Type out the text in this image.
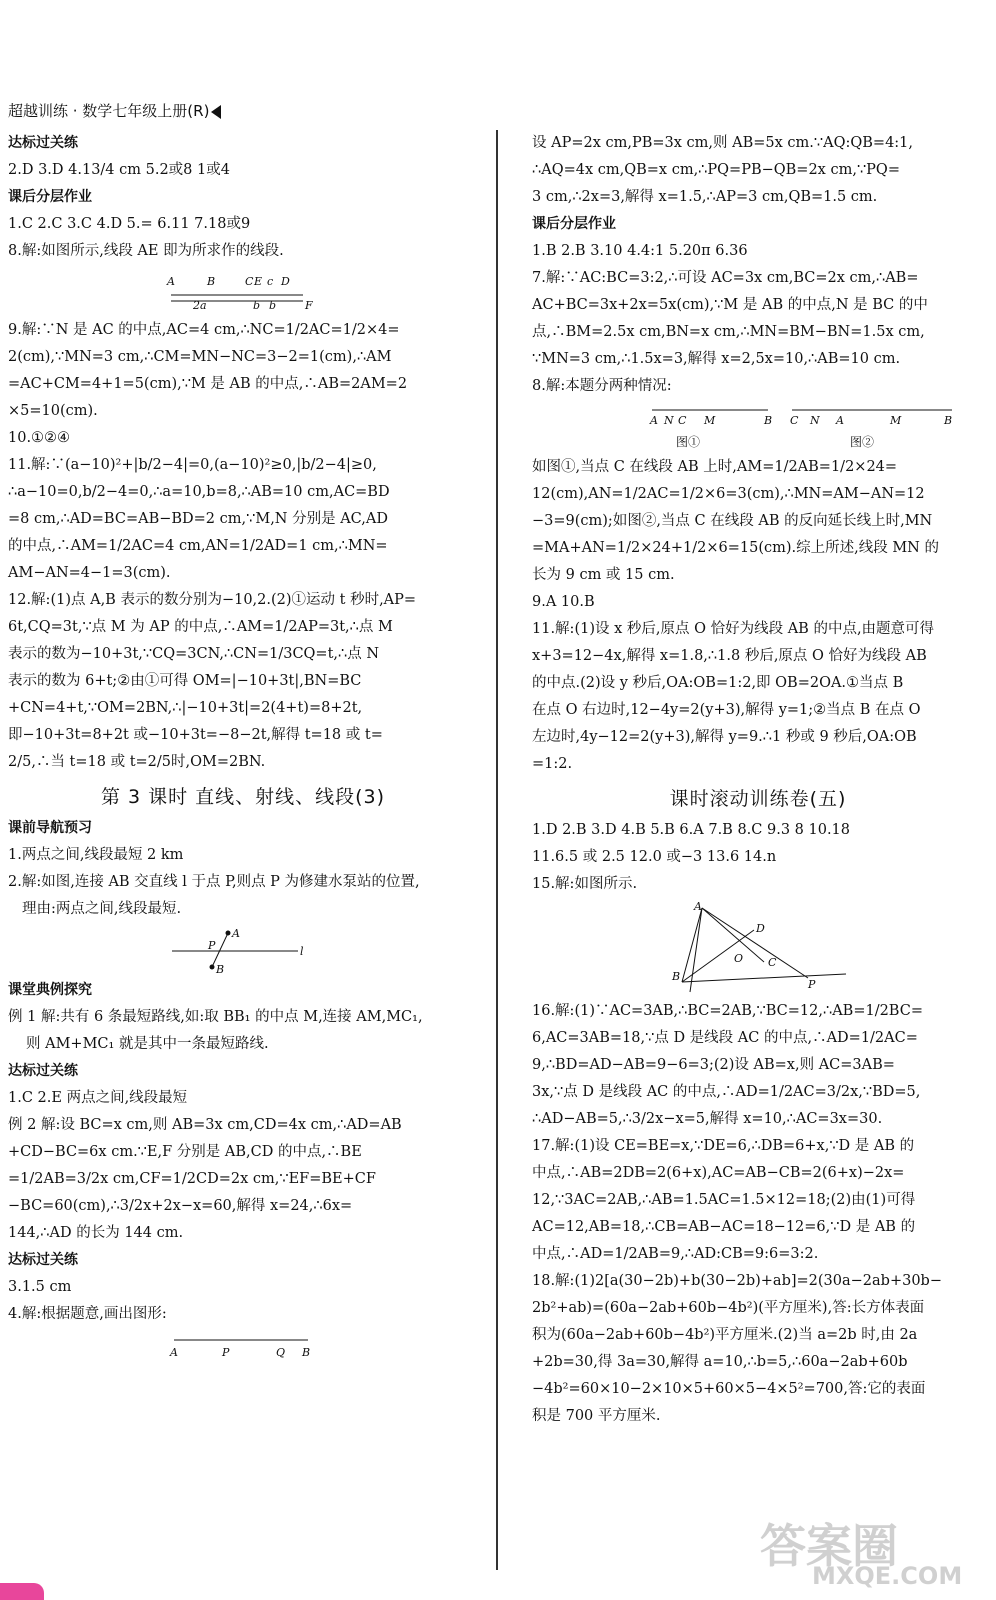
超越训练 · 数学七年级上册(R)
达标过关练
2.D 3.D 4.13/4 cm 5.2或8 1或4
课后分层作业
1.C 2.C 3.C 4.D 5.= 6.11 7.18或9
8.解:如图所示,线段 AE 即为所求作的线段.
A	B	C E c D
2a	b b	F
9.解:∵N 是 AC 的中点,AC=4 cm,∴NC=1/2AC=1/2×4=
2(cm),∵MN=3 cm,∴CM=MN−NC=3−2=1(cm),∴AM
=AC+CM=4+1=5(cm),∵M 是 AB 的中点,∴AB=2AM=2
×5=10(cm).
10.①②④
11.解:∵(a−10)²+|b/2−4|=0,(a−10)²≥0,|b/2−4|≥0,
∴a−10=0,b/2−4=0,∴a=10,b=8,∴AB=10 cm,AC=BD
=8 cm,∴AD=BC=AB−BD=2 cm,∵M,N 分别是 AC,AD
的中点,∴AM=1/2AC=4 cm,AN=1/2AD=1 cm,∴MN=
AM−AN=4−1=3(cm).
12.解:(1)点 A,B 表示的数分别为−10,2.(2)①运动 t 秒时,AP=
6t,CQ=3t,∵点 M 为 AP 的中点,∴AM=1/2AP=3t,∴点 M
表示的数为−10+3t,∵CQ=3CN,∴CN=1/3CQ=t,∴点 N
表示的数为 6+t;②由①可得 OM=|−10+3t|,BN=BC
+CN=4+t,∵OM=2BN,∴|−10+3t|=2(4+t)=8+2t,
即−10+3t=8+2t 或−10+3t=−8−2t,解得 t=18 或 t=
2/5,∴当 t=18 或 t=2/5时,OM=2BN.
第 3 课时 直线、射线、线段(3)
课前导航预习
1.两点之间,线段最短 2 km
2.解:如图,连接 AB 交直线 l 于点 P,则点 P 为修建水泵站的位置,
理由:两点之间,线段最短.
A
P
B
l
课堂典例探究
例 1 解:共有 6 条最短路线,如:取 BB₁ 的中点 M,连接 AM,MC₁,
则 AM+MC₁ 就是其中一条最短路线.
达标过关练
1.C 2.E 两点之间,线段最短
例 2 解:设 BC=x cm,则 AB=3x cm,CD=4x cm,∴AD=AB
+CD−BC=6x cm.∵E,F 分别是 AB,CD 的中点,∴BE
=1/2AB=3/2x cm,CF=1/2CD=2x cm,∵EF=BE+CF
−BC=60(cm),∴3/2x+2x−x=60,解得 x=24,∴6x=
144,∴AD 的长为 144 cm.
达标过关练
3.1.5 cm
4.解:根据题意,画出图形:
A	P	Q B
设 AP=2x cm,PB=3x cm,则 AB=5x cm.∵AQ:QB=4:1,
∴AQ=4x cm,QB=x cm,∴PQ=PB−QB=2x cm,∵PQ=
3 cm,∴2x=3,解得 x=1.5,∴AP=3 cm,QB=1.5 cm.
课后分层作业
1.B 2.B 3.10 4.4:1 5.20π 6.36
7.解:∵AC:BC=3:2,∴可设 AC=3x cm,BC=2x cm,∴AB=
AC+BC=3x+2x=5x(cm),∵M 是 AB 的中点,N 是 BC 的中
点,∴BM=2.5x cm,BN=x cm,∴MN=BM−BN=1.5x cm,
∵MN=3 cm,∴1.5x=3,解得 x=2,5x=10,∴AB=10 cm.
8.解:本题分两种情况:
A N C M	B C N A	M	B
图①	图②
如图①,当点 C 在线段 AB 上时,AM=1/2AB=1/2×24=
12(cm),AN=1/2AC=1/2×6=3(cm),∴MN=AM−AN=12
−3=9(cm);如图②,当点 C 在线段 AB 的反向延长线上时,MN
=MA+AN=1/2×24+1/2×6=15(cm).综上所述,线段 MN 的
长为 9 cm 或 15 cm.
9.A 10.B
11.解:(1)设 x 秒后,原点 O 恰好为线段 AB 的中点,由题意可得
x+3=12−4x,解得 x=1.8,∴1.8 秒后,原点 O 恰好为线段 AB
的中点.(2)设 y 秒后,OA:OB=1:2,即 OB=2OA.①当点 B
在点 O 右边时,12−4y=2(y+3),解得 y=1;②当点 B 在点 O
左边时,4y−12=2(y+3),解得 y=9.∴1 秒或 9 秒后,OA:OB
=1:2.
课时滚动训练卷(五)
1.D 2.B 3.D 4.B 5.B 6.A 7.B 8.C 9.3 8 10.18
11.6.5 或 2.5 12.0 或−3 13.6 14.n
15.解:如图所示.
A
D
O C
B
P
16.解:(1)∵AC=3AB,∴BC=2AB,∵BC=12,∴AB=1/2BC=
6,AC=3AB=18,∵点 D 是线段 AC 的中点,∴AD=1/2AC=
9,∴BD=AD−AB=9−6=3;(2)设 AB=x,则 AC=3AB=
3x,∵点 D 是线段 AC 的中点,∴AD=1/2AC=3/2x,∵BD=5,
∴AD−AB=5,∴3/2x−x=5,解得 x=10,∴AC=3x=30.
17.解:(1)设 CE=BE=x,∵DE=6,∴DB=6+x,∵D 是 AB 的
中点,∴AB=2DB=2(6+x),AC=AB−CB=2(6+x)−2x=
12,∵3AC=2AB,∴AB=1.5AC=1.5×12=18;(2)由(1)可得
AC=12,AB=18,∴CB=AB−AC=18−12=6,∵D 是 AB 的
中点,∴AD=1/2AB=9,∴AD:CB=9:6=3:2.
18.解:(1)2[a(30−2b)+b(30−2b)+ab]=2(30a−2ab+30b−
2b²+ab)=(60a−2ab+60b−4b²)(平方厘米),答:长方体表面
积为(60a−2ab+60b−4b²)平方厘米.(2)当 a=2b 时,由 2a
+2b=30,得 3a=30,解得 a=10,∴b=5,∴60a−2ab+60b
−4b²=60×10−2×10×5+60×5−4×5²=700,答:它的表面
积是 700 平方厘米.
答案圈
MXQE.COM
